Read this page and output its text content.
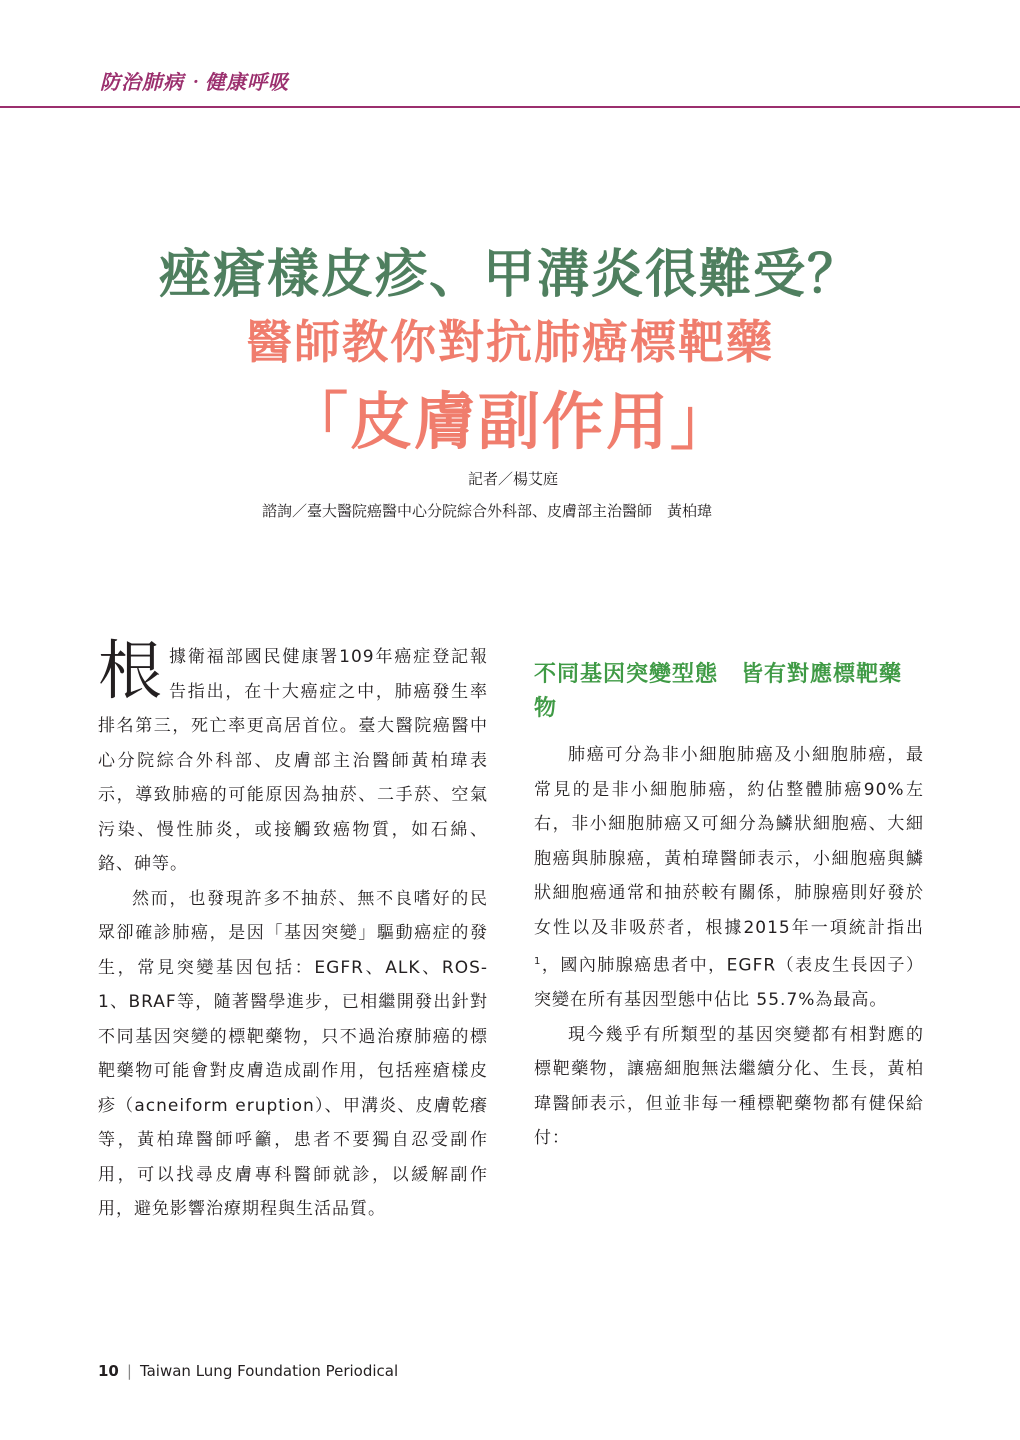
防治肺病‧健康呼吸
痤瘡樣皮疹、甲溝炎很難受？
醫師教你對抗肺癌標靶藥
「皮膚副作用」
記者／楊艾庭
諮詢／臺大醫院癌醫中心分院綜合外科部、皮膚部主治醫師　黃柏瑋

根據衛福部國民健康署109年癌症登記報告指出，在十大癌症之中，肺癌發生率排名第三，死亡率更高居首位。臺大醫院癌醫中心分院綜合外科部、皮膚部主治醫師黃柏瑋表示，導致肺癌的可能原因為抽菸、二手菸、空氣污染、慢性肺炎，或接觸致癌物質，如石綿、鉻、砷等。

然而，也發現許多不抽菸、無不良嗜好的民眾卻確診肺癌，是因「基因突變」驅動癌症的發生，常見突變基因包括：EGFR、ALK、ROS-1、BRAF等，隨著醫學進步，已相繼開發出針對不同基因突變的標靶藥物，只不過治療肺癌的標靶藥物可能會對皮膚造成副作用，包括痤瘡樣皮疹（acneiform eruption）、甲溝炎、皮膚乾癢等，黃柏瑋醫師呼籲，患者不要獨自忍受副作用，可以找尋皮膚專科醫師就診，以緩解副作用，避免影響治療期程與生活品質。

不同基因突變型態　皆有對應標靶藥物

肺癌可分為非小細胞肺癌及小細胞肺癌，最常見的是非小細胞肺癌，約佔整體肺癌90%左右，非小細胞肺癌又可細分為鱗狀細胞癌、大細胞癌與肺腺癌，黃柏瑋醫師表示，小細胞癌與鱗狀細胞癌通常和抽菸較有關係，肺腺癌則好發於女性以及非吸菸者，根據2015年一項統計指出$^1$，國內肺腺癌患者中，EGFR（表皮生長因子）突變在所有基因型態中佔比 55.7%為最高。

現今幾乎有所類型的基因突變都有相對應的標靶藥物，讓癌細胞無法繼續分化、生長，黃柏瑋醫師表示，但並非每一種標靶藥物都有健保給付：

10 | Taiwan Lung Foundation Periodical
